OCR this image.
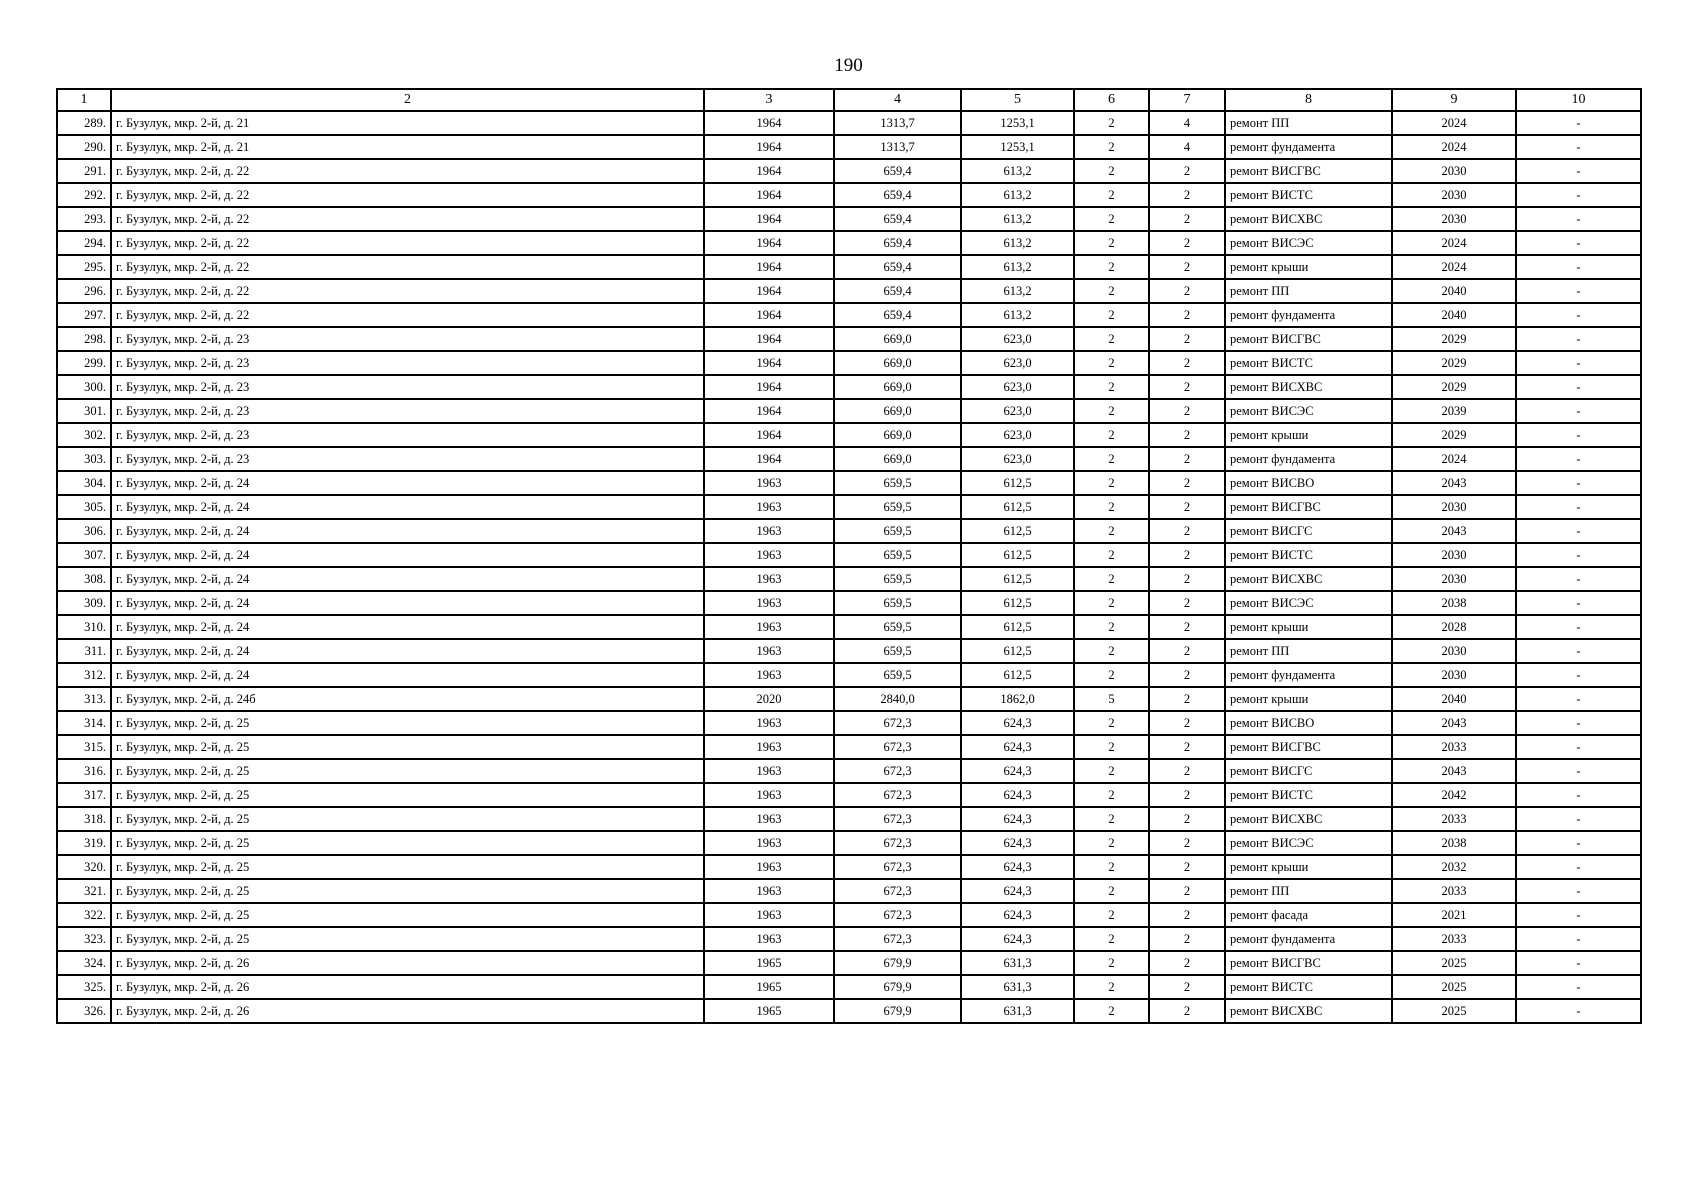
190
1	2	3	4	5	6	7	8	9	10
289.	г. Бузулук, мкр. 2-й, д. 21	1964	1313,7	1253,1	2	4	ремонт ПП	2024	-
290.	г. Бузулук, мкр. 2-й, д. 21	1964	1313,7	1253,1	2	4	ремонт фундамента	2024	-
291.	г. Бузулук, мкр. 2-й, д. 22	1964	659,4	613,2	2	2	ремонт ВИСГВС	2030	-
292.	г. Бузулук, мкр. 2-й, д. 22	1964	659,4	613,2	2	2	ремонт ВИСТС	2030	-
293.	г. Бузулук, мкр. 2-й, д. 22	1964	659,4	613,2	2	2	ремонт ВИСХВС	2030	-
294.	г. Бузулук, мкр. 2-й, д. 22	1964	659,4	613,2	2	2	ремонт ВИСЭС	2024	-
295.	г. Бузулук, мкр. 2-й, д. 22	1964	659,4	613,2	2	2	ремонт крыши	2024	-
296.	г. Бузулук, мкр. 2-й, д. 22	1964	659,4	613,2	2	2	ремонт ПП	2040	-
297.	г. Бузулук, мкр. 2-й, д. 22	1964	659,4	613,2	2	2	ремонт фундамента	2040	-
298.	г. Бузулук, мкр. 2-й, д. 23	1964	669,0	623,0	2	2	ремонт ВИСГВС	2029	-
299.	г. Бузулук, мкр. 2-й, д. 23	1964	669,0	623,0	2	2	ремонт ВИСТС	2029	-
300.	г. Бузулук, мкр. 2-й, д. 23	1964	669,0	623,0	2	2	ремонт ВИСХВС	2029	-
301.	г. Бузулук, мкр. 2-й, д. 23	1964	669,0	623,0	2	2	ремонт ВИСЭС	2039	-
302.	г. Бузулук, мкр. 2-й, д. 23	1964	669,0	623,0	2	2	ремонт крыши	2029	-
303.	г. Бузулук, мкр. 2-й, д. 23	1964	669,0	623,0	2	2	ремонт фундамента	2024	-
304.	г. Бузулук, мкр. 2-й, д. 24	1963	659,5	612,5	2	2	ремонт ВИСВО	2043	-
305.	г. Бузулук, мкр. 2-й, д. 24	1963	659,5	612,5	2	2	ремонт ВИСГВС	2030	-
306.	г. Бузулук, мкр. 2-й, д. 24	1963	659,5	612,5	2	2	ремонт ВИСГС	2043	-
307.	г. Бузулук, мкр. 2-й, д. 24	1963	659,5	612,5	2	2	ремонт ВИСТС	2030	-
308.	г. Бузулук, мкр. 2-й, д. 24	1963	659,5	612,5	2	2	ремонт ВИСХВС	2030	-
309.	г. Бузулук, мкр. 2-й, д. 24	1963	659,5	612,5	2	2	ремонт ВИСЭС	2038	-
310.	г. Бузулук, мкр. 2-й, д. 24	1963	659,5	612,5	2	2	ремонт крыши	2028	-
311.	г. Бузулук, мкр. 2-й, д. 24	1963	659,5	612,5	2	2	ремонт ПП	2030	-
312.	г. Бузулук, мкр. 2-й, д. 24	1963	659,5	612,5	2	2	ремонт фундамента	2030	-
313.	г. Бузулук, мкр. 2-й, д. 24б	2020	2840,0	1862,0	5	2	ремонт крыши	2040	-
314.	г. Бузулук, мкр. 2-й, д. 25	1963	672,3	624,3	2	2	ремонт ВИСВО	2043	-
315.	г. Бузулук, мкр. 2-й, д. 25	1963	672,3	624,3	2	2	ремонт ВИСГВС	2033	-
316.	г. Бузулук, мкр. 2-й, д. 25	1963	672,3	624,3	2	2	ремонт ВИСГС	2043	-
317.	г. Бузулук, мкр. 2-й, д. 25	1963	672,3	624,3	2	2	ремонт ВИСТС	2042	-
318.	г. Бузулук, мкр. 2-й, д. 25	1963	672,3	624,3	2	2	ремонт ВИСХВС	2033	-
319.	г. Бузулук, мкр. 2-й, д. 25	1963	672,3	624,3	2	2	ремонт ВИСЭС	2038	-
320.	г. Бузулук, мкр. 2-й, д. 25	1963	672,3	624,3	2	2	ремонт крыши	2032	-
321.	г. Бузулук, мкр. 2-й, д. 25	1963	672,3	624,3	2	2	ремонт ПП	2033	-
322.	г. Бузулук, мкр. 2-й, д. 25	1963	672,3	624,3	2	2	ремонт фасада	2021	-
323.	г. Бузулук, мкр. 2-й, д. 25	1963	672,3	624,3	2	2	ремонт фундамента	2033	-
324.	г. Бузулук, мкр. 2-й, д. 26	1965	679,9	631,3	2	2	ремонт ВИСГВС	2025	-
325.	г. Бузулук, мкр. 2-й, д. 26	1965	679,9	631,3	2	2	ремонт ВИСТС	2025	-
326.	г. Бузулук, мкр. 2-й, д. 26	1965	679,9	631,3	2	2	ремонт ВИСХВС	2025	-
